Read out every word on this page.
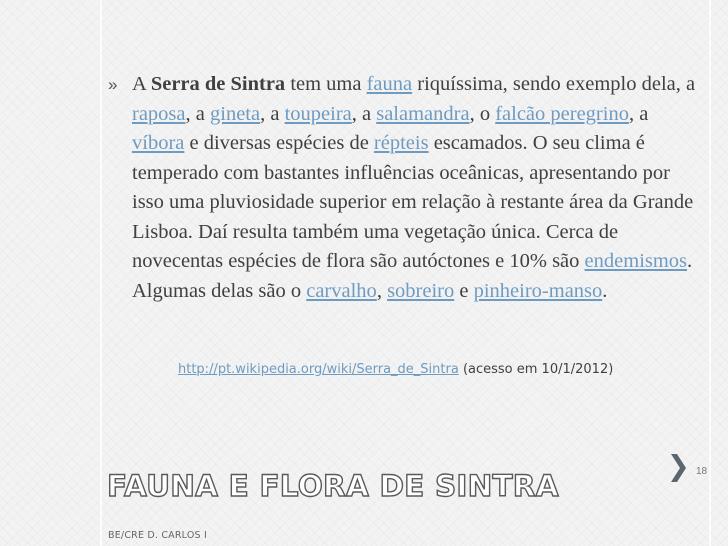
» A Serra de Sintra tem uma fauna riquíssima, sendo exemplo dela, a raposa, a gineta, a toupeira, a salamandra, o falcão peregrino, a víbora e diversas espécies de répteis escamados. O seu clima é temperado com bastantes influências oceânicas, apresentando por isso uma pluviosidade superior em relação à restante área da Grande Lisboa. Daí resulta também uma vegetação única. Cerca de novecentas espécies de flora são autóctones e 10% são endemismos. Algumas delas são o carvalho, sobreiro e pinheiro-manso.
http://pt.wikipedia.org/wiki/Serra_de_Sintra (acesso em 10/1/2012)
FAUNA E FLORA DE SINTRA	18
BE/CRE D. CARLOS I
